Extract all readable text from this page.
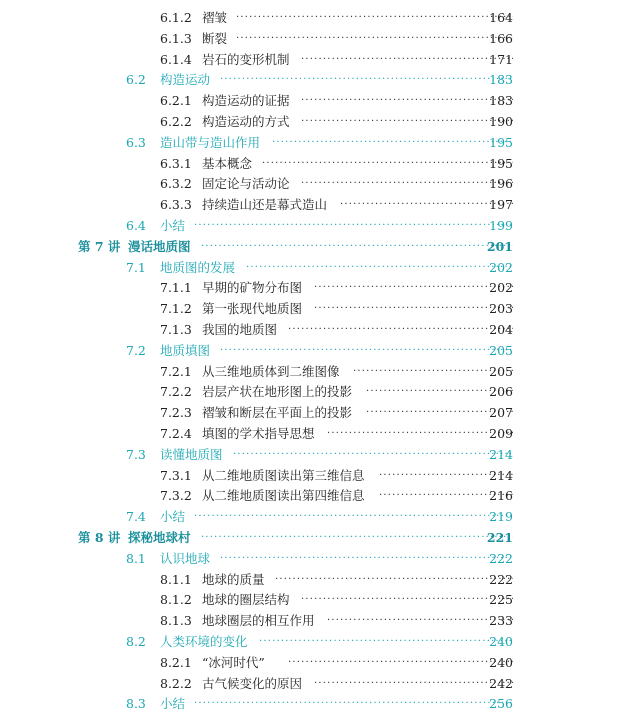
6.1.2 褶皱 ·····	164
6.1.3 断裂 ·····	166
6.1.4 岩石的变形机制 ·····	171
6.2 构造运动 ·····	183
6.2.1 构造运动的证据 ·····	183
6.2.2 构造运动的方式 ·····	190
6.3 造山带与造山作用 ·····	195
6.3.1 基本概念 ·····	195
6.3.2 固定论与活动论 ·····	196
6.3.3 持续造山还是幕式造山 ·····	197
6.4 小结 ·····	199
第 7 讲 漫话地质图 ·····	201
7.1 地质图的发展 ·····	202
7.1.1 早期的矿物分布图 ·····	202
7.1.2 第一张现代地质图 ·····	203
7.1.3 我国的地质图 ·····	204
7.2 地质填图 ·····	205
7.2.1 从三维地质体到二维图像 ·····	205
7.2.2 岩层产状在地形图上的投影 ·····	206
7.2.3 褶皱和断层在平面上的投影 ·····	207
7.2.4 填图的学术指导思想 ·····	209
7.3 读懂地质图 ·····	214
7.3.1 从二维地质图读出第三维信息 ·····	214
7.3.2 从二维地质图读出第四维信息 ·····	216
7.4 小结 ·····	219
第 8 讲 探秘地球村 ·····	221
8.1 认识地球 ·····	222
8.1.1 地球的质量 ·····	222
8.1.2 地球的圈层结构 ·····	225
8.1.3 地球圈层的相互作用 ·····	233
8.2 人类环境的变化 ·····	240
8.2.1 “冰河时代” ·····	240
8.2.2 古气候变化的原因 ·····	242
8.3 小结 ·····	256
